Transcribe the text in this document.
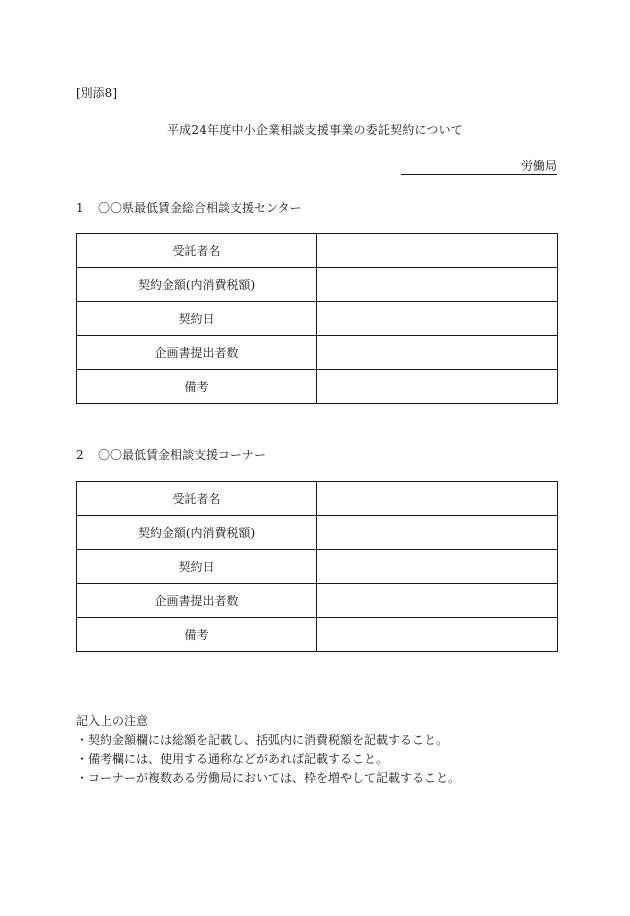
[別添8]
平成24年度中小企業相談支援事業の委託契約について
労働局
1 〇〇県最低賃金総合相談支援センター
受託者名	
契約金額(内消費税額)	
契約日	
企画書提出者数	
備考	
2 〇〇最低賃金相談支援コーナー
受託者名	
契約金額(内消費税額)	
契約日	
企画書提出者数	
備考	
記入上の注意
・ 契約金額欄には総額を記載し、括弧内に消費税額を記載すること。
・ 備考欄には、使用する通称などがあれば記載すること。
・ コーナーが複数ある労働局においては、枠を増やして記載すること。
